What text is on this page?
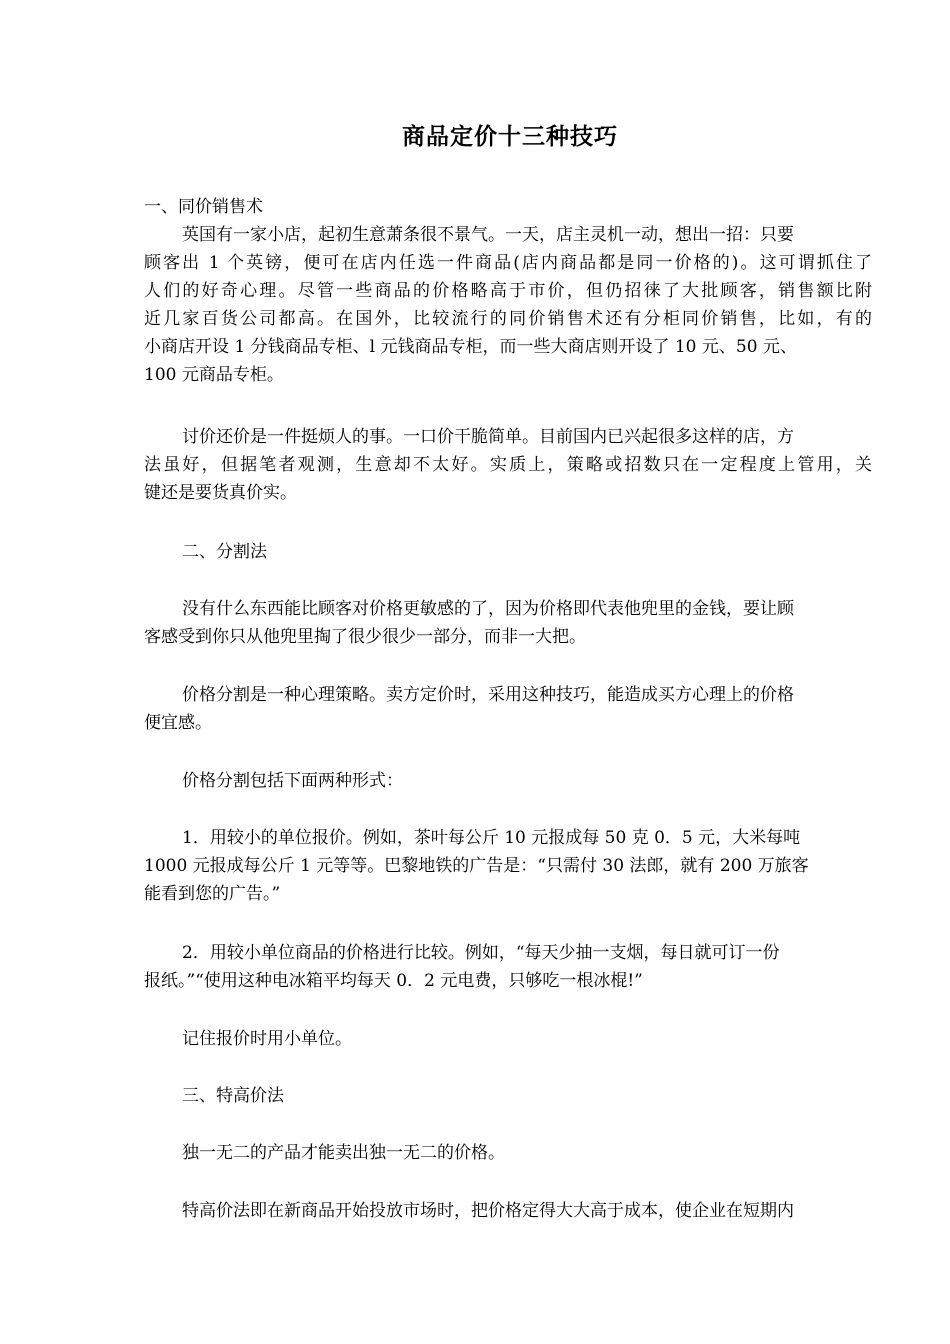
商品定价十三种技巧
一、同价销售术
英国有一家小店，起初生意萧条很不景气。一天，店主灵机一动，想出一招：只要
顾客出 1 个英镑，便可在店内任选一件商品(店内商品都是同一价格的)。这可谓抓住了
人们的好奇心理。尽管一些商品的价格略高于市价，但仍招徕了大批顾客，销售额比附
近几家百货公司都高。在国外，比较流行的同价销售术还有分柜同价销售，比如，有的
小商店开设 1 分钱商品专柜、l 元钱商品专柜，而一些大商店则开设了 10 元、50 元、
100 元商品专柜。
讨价还价是一件挺烦人的事。一口价干脆简单。目前国内已兴起很多这样的店，方
法虽好，但据笔者观测，生意却不太好。实质上，策略或招数只在一定程度上管用，关
键还是要货真价实。
二、分割法
没有什么东西能比顾客对价格更敏感的了，因为价格即代表他兜里的金钱，要让顾
客感受到你只从他兜里掏了很少很少一部分，而非一大把。
价格分割是一种心理策略。卖方定价时，采用这种技巧，能造成买方心理上的价格
便宜感。
价格分割包括下面两种形式：
1．用较小的单位报价。例如，茶叶每公斤 10 元报成每 50 克 0．5 元，大米每吨
1000 元报成每公斤 1 元等等。巴黎地铁的广告是：“只需付 30 法郎，就有 200 万旅客
能看到您的广告。”
2．用较小单位商品的价格进行比较。例如，“每天少抽一支烟，每日就可订一份
报纸。”“使用这种电冰箱平均每天 0．2 元电费，只够吃一根冰棍!”
记住报价时用小单位。
三、特高价法
独一无二的产品才能卖出独一无二的价格。
特高价法即在新商品开始投放市场时，把价格定得大大高于成本，使企业在短期内
